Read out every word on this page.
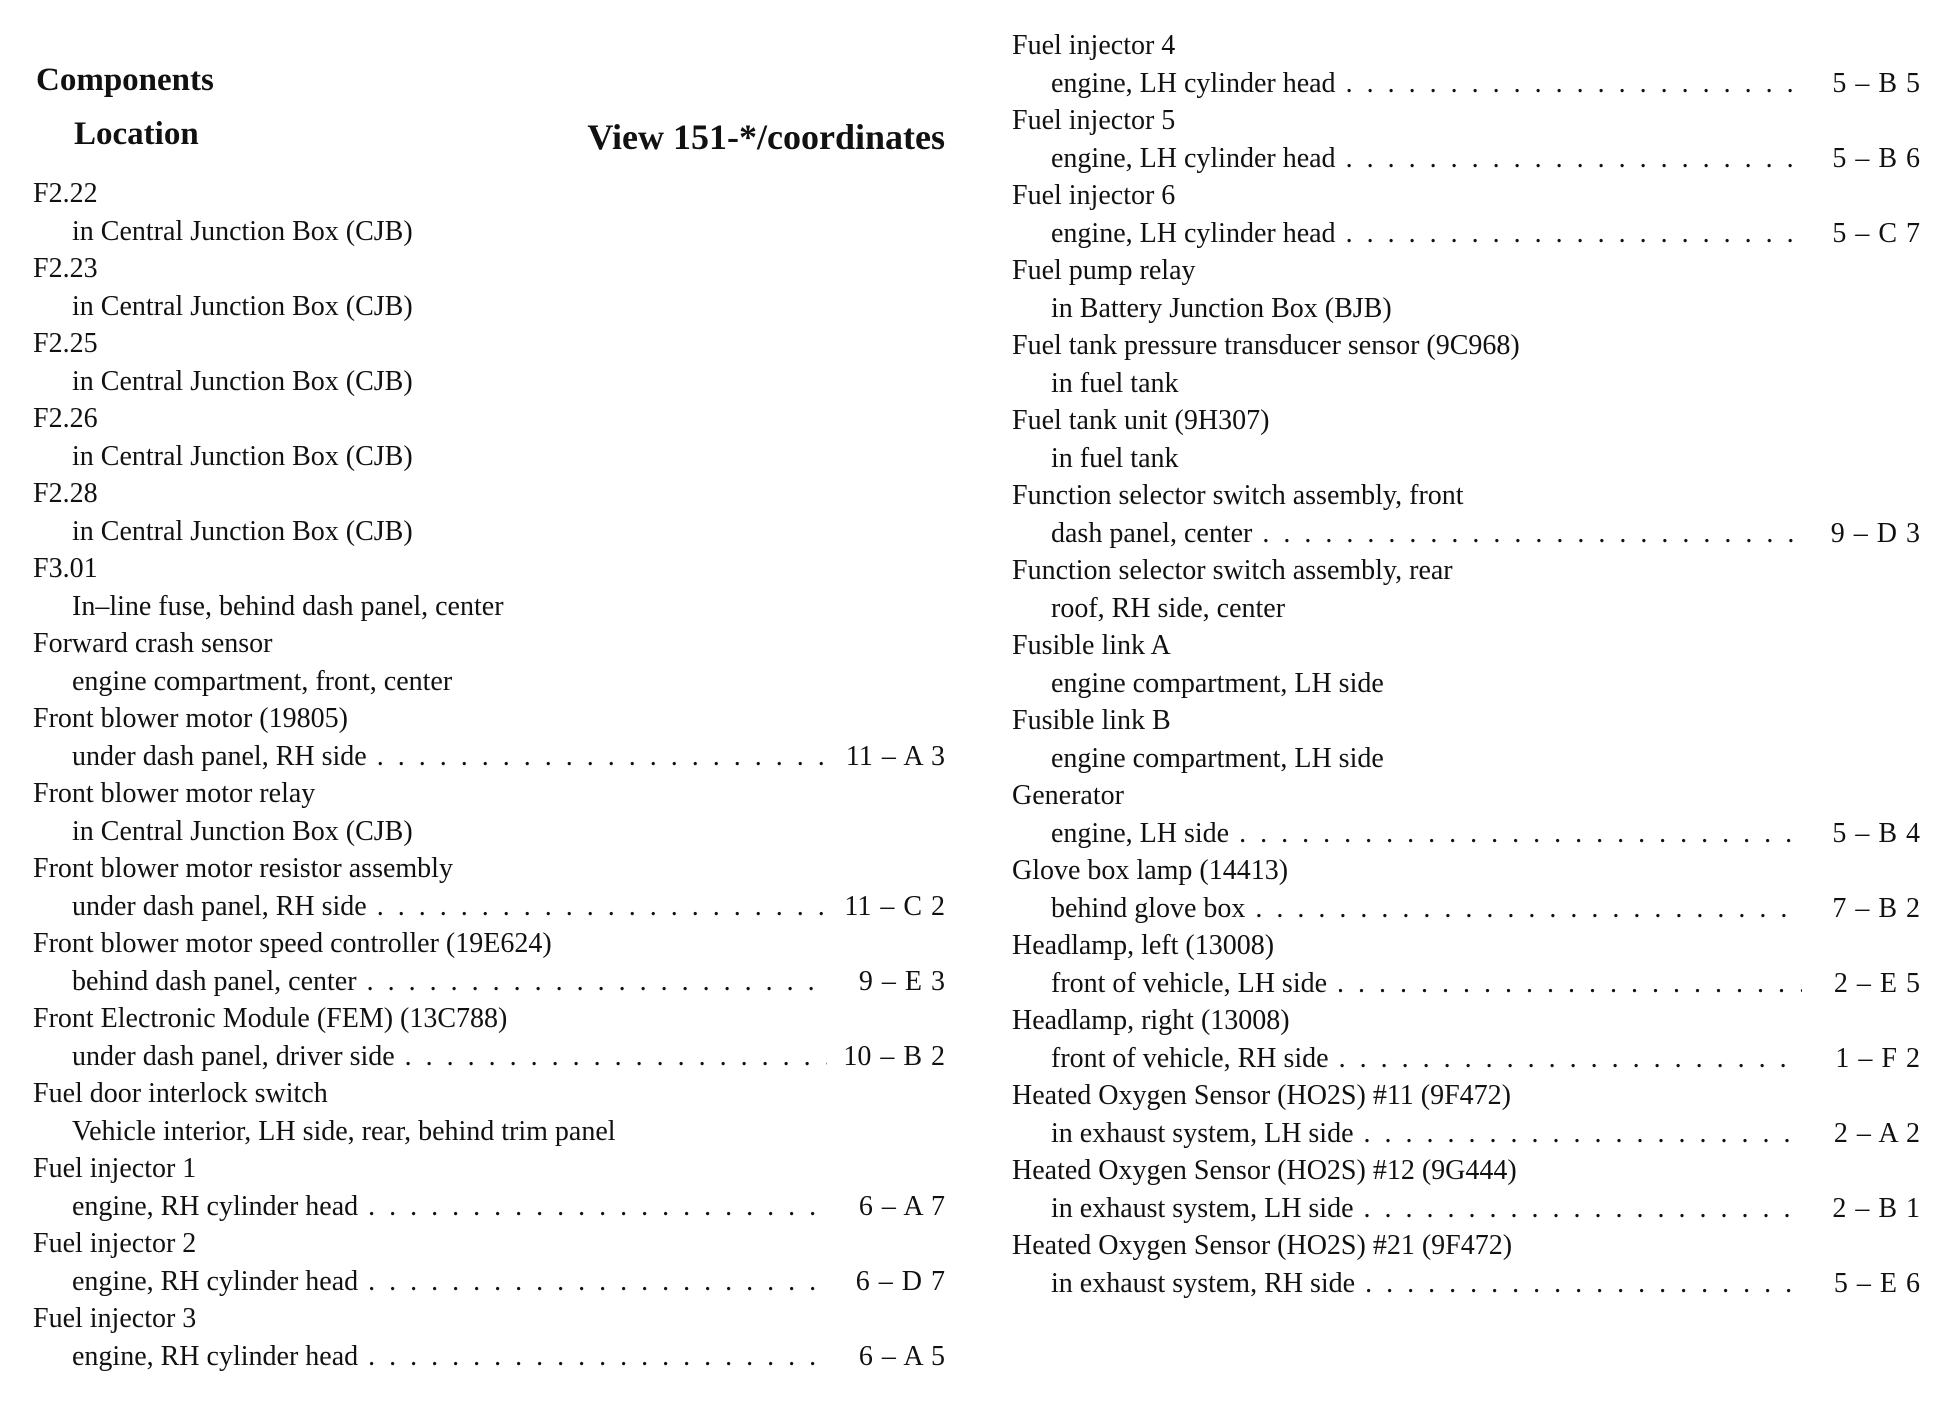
Components
Location	View 151-*/coordinates
F2.22
in Central Junction Box (CJB)
F2.23
in Central Junction Box (CJB)
F2.25
in Central Junction Box (CJB)
F2.26
in Central Junction Box (CJB)
F2.28
in Central Junction Box (CJB)
F3.01
In–line fuse, behind dash panel, center
Forward crash sensor
engine compartment, front, center
Front blower motor (19805)
under dash panel, RH side . . .	11 – A 3
Front blower motor relay
in Central Junction Box (CJB)
Front blower motor resistor assembly
under dash panel, RH side . . .	11 – C 2
Front blower motor speed controller (19E624)
behind dash panel, center . . .	9 – E 3
Front Electronic Module (FEM) (13C788)
under dash panel, driver side . . .	10 – B 2
Fuel door interlock switch
Vehicle interior, LH side, rear, behind trim panel
Fuel injector 1
engine, RH cylinder head . . .	6 – A 7
Fuel injector 2
engine, RH cylinder head . . .	6 – D 7
Fuel injector 3
engine, RH cylinder head . . .	6 – A 5
Fuel injector 4
engine, LH cylinder head . . .	5 – B 5
Fuel injector 5
engine, LH cylinder head . . .	5 – B 6
Fuel injector 6
engine, LH cylinder head . . .	5 – C 7
Fuel pump relay
in Battery Junction Box (BJB)
Fuel tank pressure transducer sensor (9C968)
in fuel tank
Fuel tank unit (9H307)
in fuel tank
Function selector switch assembly, front
dash panel, center . . .	9 – D 3
Function selector switch assembly, rear
roof, RH side, center
Fusible link A
engine compartment, LH side
Fusible link B
engine compartment, LH side
Generator
engine, LH side . . .	5 – B 4
Glove box lamp (14413)
behind glove box . . .	7 – B 2
Headlamp, left (13008)
front of vehicle, LH side . . .	2 – E 5
Headlamp, right (13008)
front of vehicle, RH side . . .	1 – F 2
Heated Oxygen Sensor (HO2S) #11 (9F472)
in exhaust system, LH side . . .	2 – A 2
Heated Oxygen Sensor (HO2S) #12 (9G444)
in exhaust system, LH side . . .	2 – B 1
Heated Oxygen Sensor (HO2S) #21 (9F472)
in exhaust system, RH side . . .	5 – E 6
